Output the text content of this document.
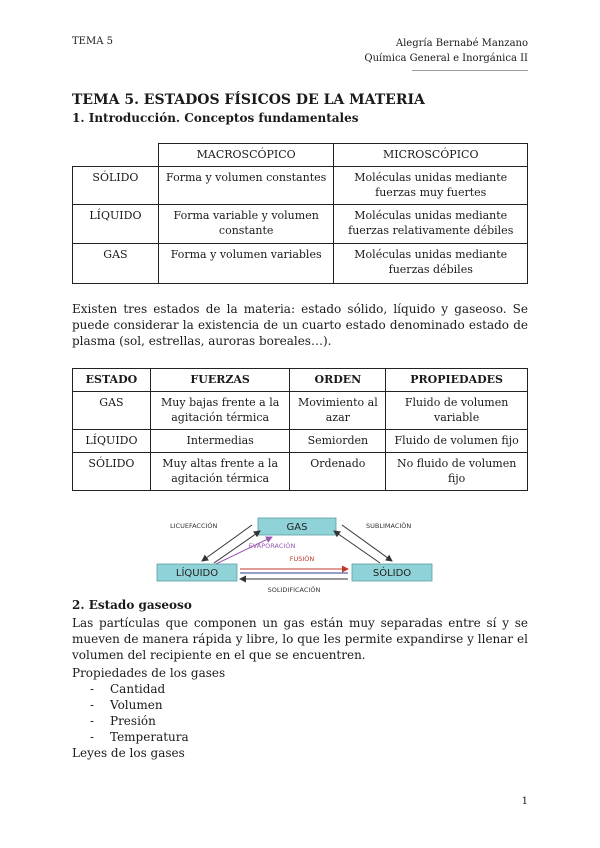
TEMA 5	Alegría Bernabé Manzano
Química General e Inorgánica II
TEMA 5. ESTADOS FÍSICOS DE LA MATERIA
1. Introducción. Conceptos fundamentales
	MACROSCÓPICO	MICROSCÓPICO
SÓLIDO	Forma y volumen constantes	Moléculas unidas mediante fuerzas muy fuertes
LÍQUIDO	Forma variable y volumen constante	Moléculas unidas mediante fuerzas relativamente débiles
GAS	Forma y volumen variables	Moléculas unidas mediante fuerzas débiles
Existen tres estados de la materia: estado sólido, líquido y gaseoso. Se puede considerar la existencia de un cuarto estado denominado estado de plasma (sol, estrellas, auroras boreales…).
ESTADO	FUERZAS	ORDEN	PROPIEDADES
GAS	Muy bajas frente a la agitación térmica	Movimiento al azar	Fluido de volumen variable
LÍQUIDO	Intermedias	Semiorden	Fluido de volumen fijo
SÓLIDO	Muy altas frente a la agitación térmica	Ordenado	No fluido de volumen fijo
GAS
LÍQUIDO	SÓLIDO
LICUEFACCIÓN	SUBLIMACIÓN
EVAPORACIÓN
FUSIÓN
SOLIDIFICACIÓN
2. Estado gaseoso
Las partículas que componen un gas están muy separadas entre sí y se mueven de manera rápida y libre, lo que les permite expandirse y llenar el volumen del recipiente en el que se encuentren.
Propiedades de los gases
- Cantidad
- Volumen
- Presión
- Temperatura
Leyes de los gases
1
